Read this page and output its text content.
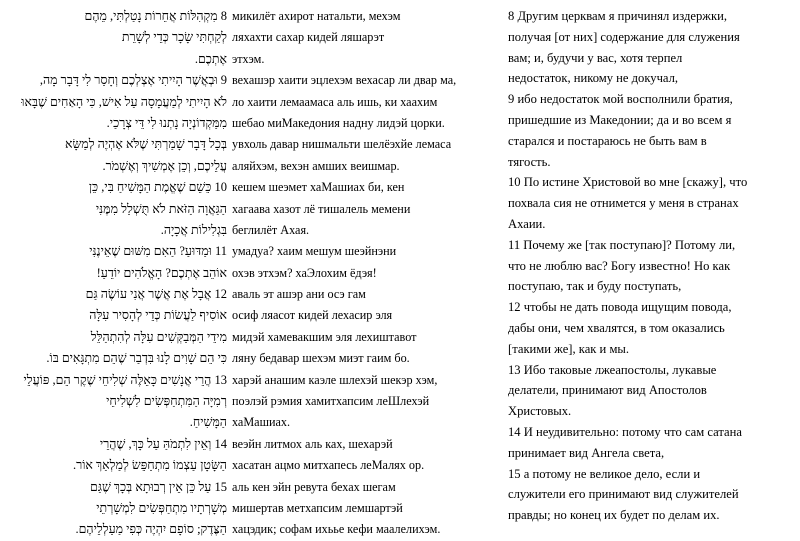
8 מִקְהִלּוֹת אֲחֵרוֹת נָטַלְתִּי, מֵהֶם
לְקַחְתִּי שָׂכָר כְּדֵי לְשָׁרֵת
אֶתְכֶם.
9 וּבְאֲשֶׁר הָיִיתִי אֶצְלְכֶם וְחָסַר לִי דָּבָר מָה,
לֹא הָיִיתִי לְמַעֲמָסָה עַל אִישׁ, כִּי הָאַחִים שֶׁבָּאוּ
מִמַּקְדוֹנְיָה נָתְנוּ לִי דֵּי צְרָכַי.
בְּכָל דָּבָר שָׁמַרְתִּי שֶׁלֹּא אֶהְיֶה לְמַשָּׂא
עֲלֵיכֶם, וְכֵן אֶמְשִׁיךְ וְאֶשְׁמֹר.
10 כֵּשֵׁם שֶׁאֱמֶת הַמָּשִׁיחַ בִּי, כֵּן
הַגַּאֲוָה הַזֹּאת לֹא תֻּשְׁלַל מִמֶּנִּי
בִּגְלִילוֹת אֲכָיָה.
11 וּמַדּוּעַ? הַאִם מִשּׁוּם שֶׁאֵינֶנִּי
אוֹהֵב אֶתְכֶם? הָאֱלֹהִים יוֹדֵעַ!
12 אֲבָל אֶת אֲשֶׁר אֲנִי עוֹשֶׂה גַּם
אוֹסִיף לַעֲשׂוֹת כְּדֵי לְהָסִיר עִלָּה
מִידֵי הַמְּבַקְּשִׁים עִלָּה לְהִתְהַלֵּל
כִּי הֵם שָׁוִים לָנוּ בִּדְבַר שֶׁהֵם מִתְגָּאִים בּוֹ.
13 הֲרֵי אֲנָשִׁים כָּאֵלֶּה שְׁלִיחֵי שֶׁקֶר הֵם, פּוֹעֲלֵי
רְמִיָּה הַמִּתְחַפְּשִׂים לִשְׁלִיחֵי
הַמָּשִׁיחַ.
14 וְאֵין לִתְמֹהַּ עַל כָּךְ, שֶׁהֲרֵי
הַשָּׂטָן עַצְמוֹ מִתְחַפֵּשׂ לְמַלְאַךְ אוֹר.
15 עַל כֵּן אֵין רְבוּתָא בְּכָךְ שֶׁגַּם
מְשָׁרְתָיו מִתְחַפְּשִׂים לִמְשָׁרְתֵי
הַצֶּדֶק; סוֹפָם יִהְיֶה כְּפִי מַעַלְלֵיהֶם.
микилёт ахирот натальти, мехэм
ляхахти сахар кидей ляшарэт
этхэм.
вехашэр хаити эцлехэм вехасар ли двар ма,
ло хаити лемаамаса аль ишь, ки хаахим
шебао миМакедония надну лидэй цорки.
увхоль давар нишмальти шелёэхйе лемаса
аляйхэм, вехэн амших веишмар.
кешем шеэмет хаМашиах би, кен
хагаава хазот лё тишалель мемени
беглилёт Ахая.
умадуа? хаим мешум шеэйнэни
охэв этхэм? хаЭлохим ёдэя!
аваль эт ашэр ани осэ гам
осиф ляасот кидей лехасир эля
мидэй хамевакшим эля лехиштавот
ляну бедавар шехэм миэт гаим бо.
харэй анашим каэле шлехэй шекэр хэм,
поэлэй рэмия хамитхапсим леШлехэй
хаМашиах.
веэйн литмох аль ках, шехарэй
хасатан ацмо митхапесь леМалях ор.
аль кен эйн ревута бехах шегам
мишертав метхапсим лемшартэй
хацэдик; софам ихьье кефи маалелихэм.
8 Другим церквам я причинял издержки,
получая [от них] содержание для служения
вам; и, будучи у вас, хотя терпел
недостаток, никому не докучал,
9 ибо недостаток мой восполнили братия,
пришедшие из Македонии; да и во всем я
старался и постараюсь не быть вам в
тягость.
10 По истине Христовой во мне [скажу], что
похвала сия не отнимется у меня в странах
Ахаии.
11 Почему же [так поступаю]? Потому ли,
что не люблю вас? Богу известно! Но как
поступаю, так и буду поступать,
12 чтобы не дать повода ищущим повода,
дабы они, чем хвалятся, в том оказались
[такими же], как и мы.
13 Ибо таковые лжеапостолы, лукавые
делатели, принимают вид Апостолов
Христовых.
14 И неудивительно: потому что сам сатана
принимает вид Ангела света,
15 а потому не великое дело, если и
служители его принимают вид служителей
правды; но конец их будет по делам их.
